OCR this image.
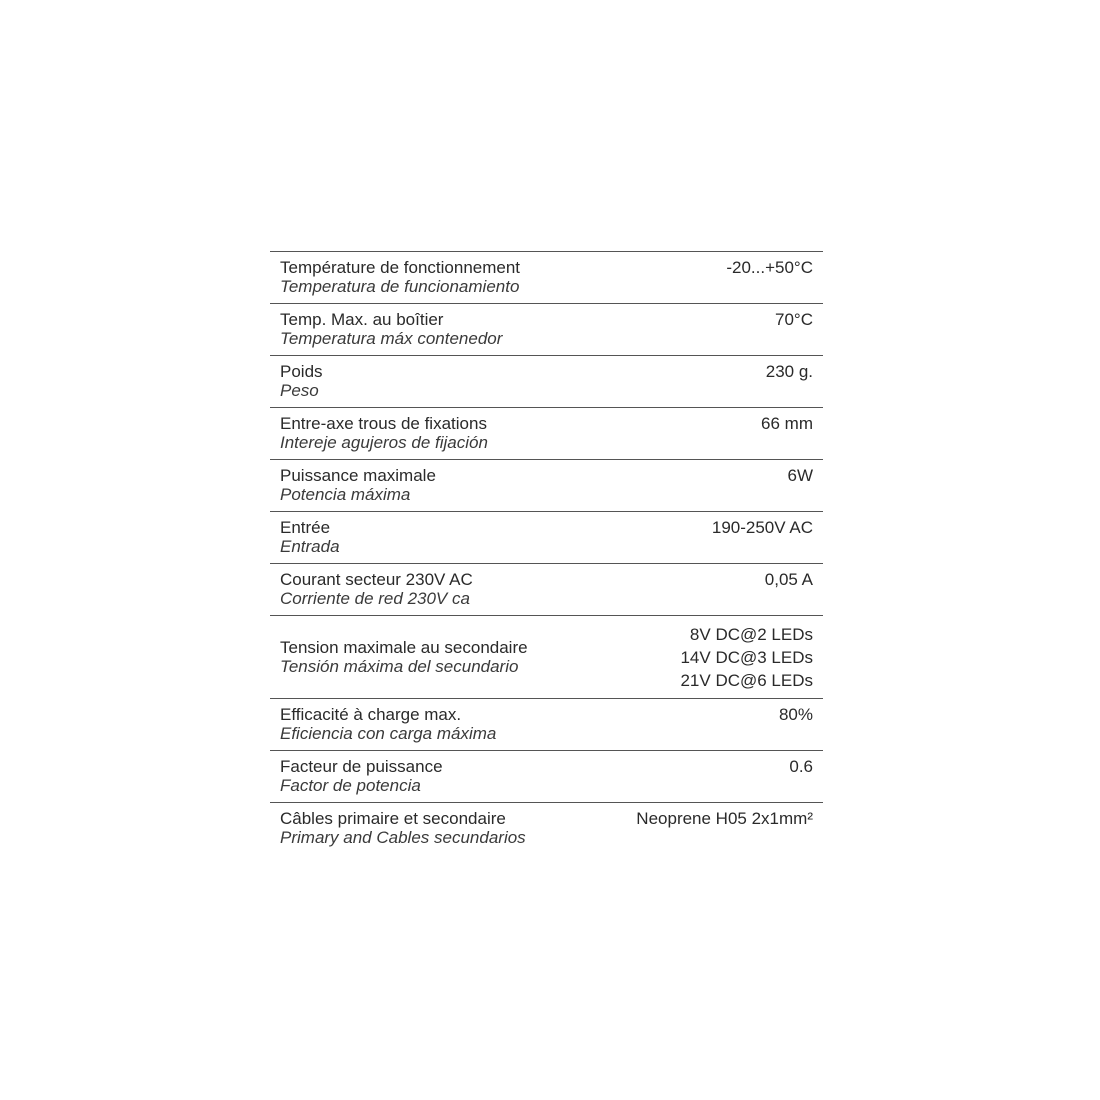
Température de fonctionnement
Temperatura de funcionamiento
-20...+50°C
Temp. Max. au boîtier
Temperatura máx contenedor
70°C
Poids
Peso
230 g.
Entre-axe trous de fixations
Intereje agujeros de fijación
66 mm
Puissance maximale
Potencia máxima
6W
Entrée
Entrada
190-250V AC
Courant secteur 230V AC
Corriente de red 230V ca
0,05 A
Tension maximale au secondaire
Tensión máxima del secundario
8V DC@2 LEDs
14V DC@3 LEDs
21V DC@6 LEDs
Efficacité à charge max.
Eficiencia con carga máxima
80%
Facteur de puissance
Factor de potencia
0.6
Câbles primaire et secondaire
Primary and Cables secundarios
Neoprene H05 2x1mm²
